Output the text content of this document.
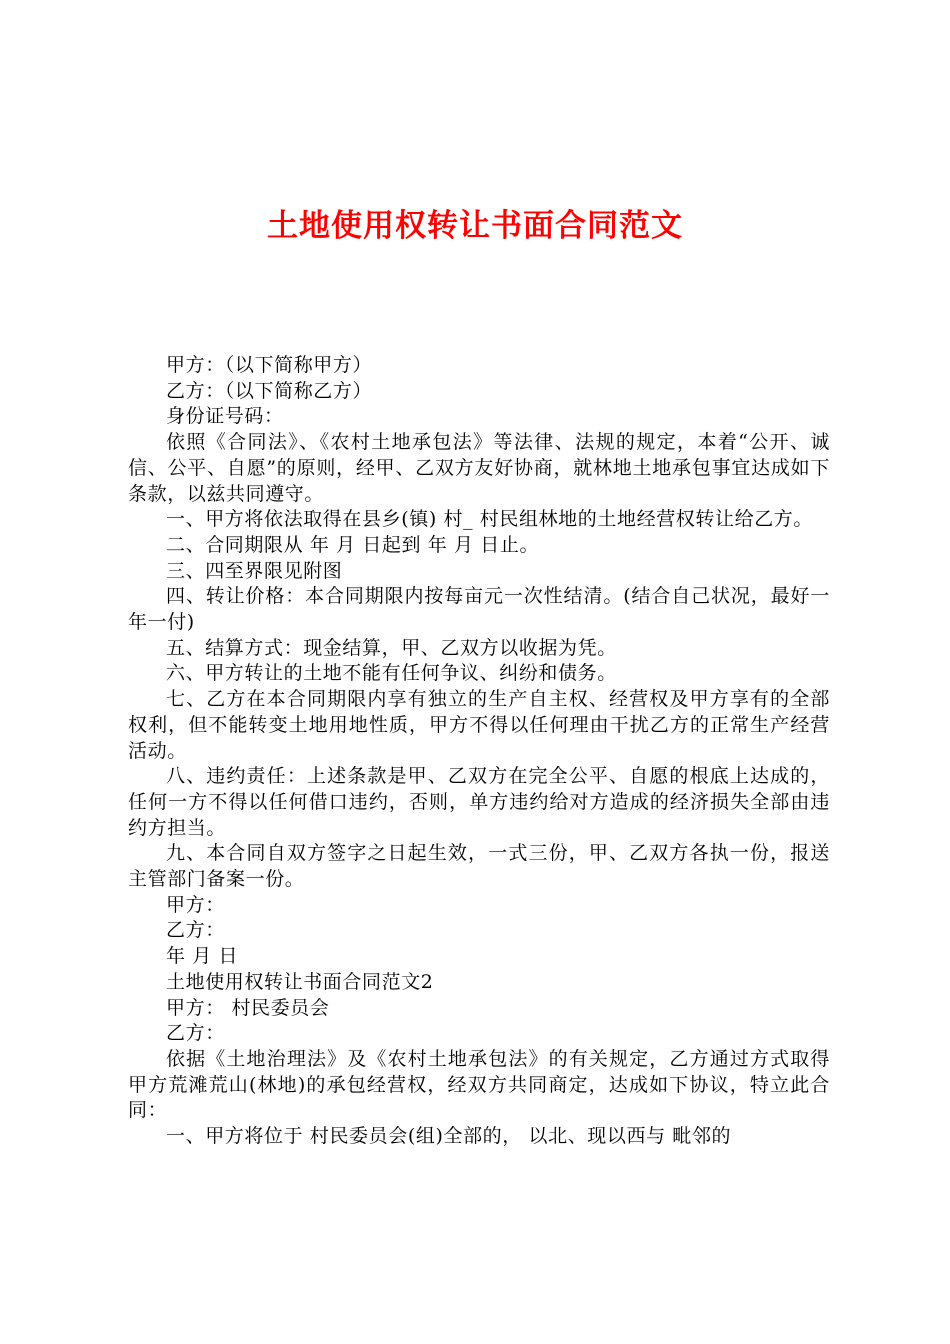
土地使用权转让书面合同范文

甲方：（以下简称甲方）

乙方：（以下简称乙方）

身份证号码：

依照《合同法》、《农村土地承包法》等法律、法规的规定，本着“公开、诚信、公平、自愿”的原则，经甲、乙双方友好协商，就林地土地承包事宜达成如下条款，以兹共同遵守。

一、甲方将依法取得在县乡(镇) 村_ 村民组林地的土地经营权转让给乙方。

二、合同期限从 年 月 日起到 年 月 日止。

三、四至界限见附图

四、转让价格：本合同期限内按每亩元一次性结清。(结合自己状况，最好一年一付)

五、结算方式：现金结算，甲、乙双方以收据为凭。

六、甲方转让的土地不能有任何争议、纠纷和债务。

七、乙方在本合同期限内享有独立的生产自主权、经营权及甲方享有的全部权利，但不能转变土地用地性质，甲方不得以任何理由干扰乙方的正常生产经营活动。

八、违约责任：上述条款是甲、乙双方在完全公平、自愿的根底上达成的，任何一方不得以任何借口违约，否则，单方违约给对方造成的经济损失全部由违约方担当。

九、本合同自双方签字之日起生效，一式三份，甲、乙双方各执一份，报送主管部门备案一份。

甲方：

乙方：

年 月 日

土地使用权转让书面合同范文2

甲方： 村民委员会

乙方：

依据《土地治理法》及《农村土地承包法》的有关规定，乙方通过方式取得甲方荒滩荒山(林地)的承包经营权，经双方共同商定，达成如下协议，特立此合同：

一、甲方将位于 村民委员会(组)全部的， 以北、现以西与 毗邻的
